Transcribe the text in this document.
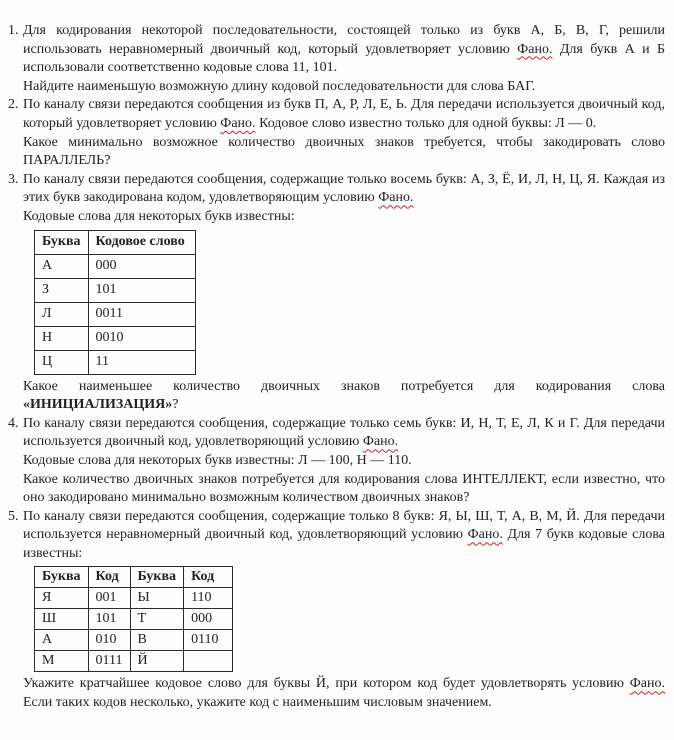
1. Для кодирования некоторой последовательности, состоящей только из букв А, Б, В, Г, решили использовать неравномерный двоичный код, который удовлетворяет условию Фано. Для букв А и Б использовали соответственно кодовые слова 11, 101.

Найдите наименьшую возможную длину кодовой последовательности для слова БАГ.

2. По каналу связи передаются сообщения из букв П, А, Р, Л, Е, Ь. Для передачи используется двоичный код, который удовлетворяет условию Фано. Кодовое слово известно только для одной буквы: Л — 0.

Какое минимально возможное количество двоичных знаков требуется, чтобы закодировать слово ПАРАЛЛЕЛЬ?

3. По каналу связи передаются сообщения, содержащие только восемь букв: А, З, Ё, И, Л, Н, Ц, Я. Каждая из этих букв закодирована кодом, удовлетворяющим условию Фано.

Кодовые слова для некоторых букв известны:

Буква	Кодовое слово
А	000
З	101
Л	0011
Н	0010
Ц	11

Какое наименьшее количество двоичных знаков потребуется для кодирования слова «ИНИЦИАЛИЗАЦИЯ»?

4. По каналу связи передаются сообщения, содержащие только семь букв: И, Н, Т, Е, Л, К и Г. Для передачи используется двоичный код, удовлетворяющий условию Фано.

Кодовые слова для некоторых букв известны: Л — 100, Н — 110.

Какое количество двоичных знаков потребуется для кодирования слова ИНТЕЛЛЕКТ, если известно, что оно закодировано минимально возможным количеством двоичных знаков?

5. По каналу связи передаются сообщения, содержащие только 8 букв: Я, Ы, Ш, Т, А, В, М, Й. Для передачи используется неравномерный двоичный код, удовлетворяющий условию Фано. Для 7 букв кодовые слова известны:

Буква	Код	Буква	Код
Я	001	Ы	110
Ш	101	Т	000
А	010	В	0110
М	0111	Й	

Укажите кратчайшее кодовое слово для буквы Й, при котором код будет удовлетворять условию Фано. Если таких кодов несколько, укажите код с наименьшим числовым значением.
